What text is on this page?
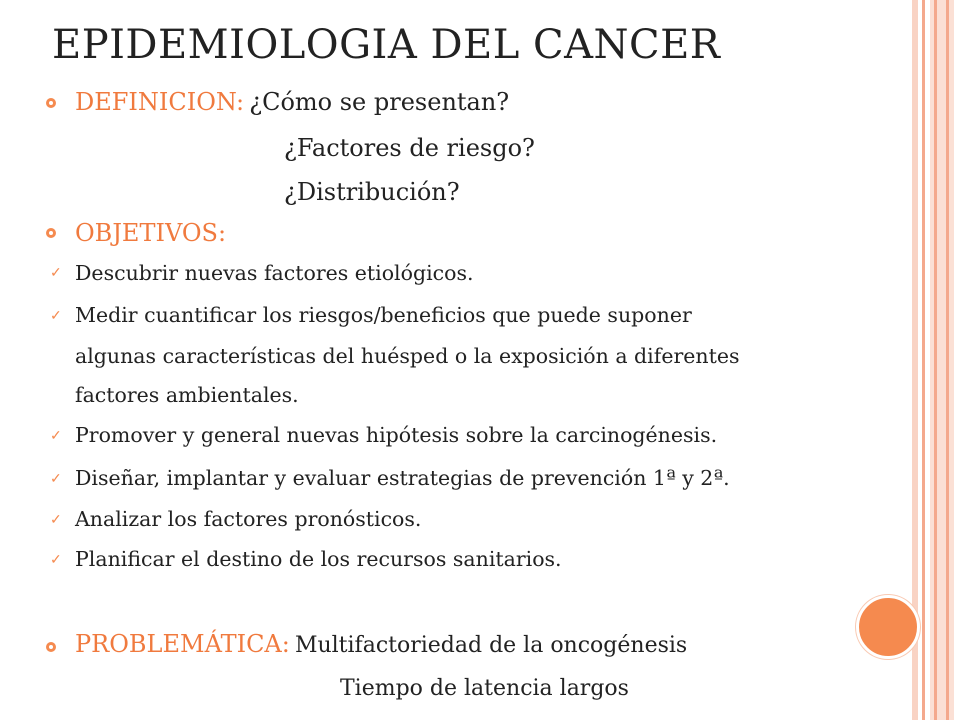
EPIDEMIOLOGIA DEL CANCER
DEFINICION: ¿Cómo se presentan?
¿Factores de riesgo?
¿Distribución?
OBJETIVOS:
✓ Descubrir nuevas factores etiológicos.
✓ Medir cuantificar los riesgos/beneficios que puede suponer
algunas características del huésped o la exposición a diferentes
factores ambientales.
✓ Promover y general nuevas hipótesis sobre la carcinogénesis.
✓ Diseñar, implantar y evaluar estrategias de prevención 1ª y 2ª.
✓ Analizar los factores pronósticos.
✓ Planificar el destino de los recursos sanitarios.
PROBLEMÁTICA: Multifactoriedad de la oncogénesis
Tiempo de latencia largos
